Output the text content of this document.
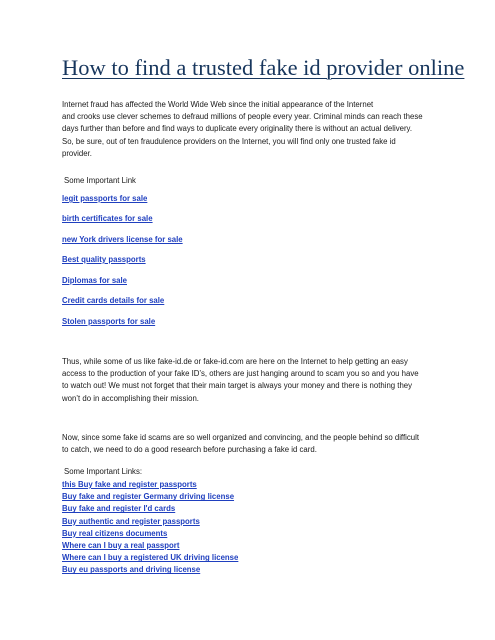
How to find a trusted fake id provider online

Internet fraud has affected the World Wide Web since the initial appearance of the Internet
and crooks use clever schemes to defraud millions of people every year. Criminal minds can reach these
days further than before and find ways to duplicate every originality there is without an actual delivery.
So, be sure, out of ten fraudulence providers on the Internet, you will find only one trusted fake id
provider.

Some Important Link

legit passports for sale
birth certificates for sale
new York drivers license for sale
Best quality passports
Diplomas for sale
Credit cards details for sale
Stolen passports for sale

Thus, while some of us like fake-id.de or fake-id.com are here on the Internet to help getting an easy
access to the production of your fake ID’s, others are just hanging around to scam you so and you have
to watch out! We must not forget that their main target is always your money and there is nothing they
won’t do in accomplishing their mission.

Now, since some fake id scams are so well organized and convincing, and the people behind so difficult
to catch, we need to do a good research before purchasing a fake id card.

Some Important Links:

this Buy fake and register passports
Buy fake and register Germany driving license
Buy fake and register I'd cards
Buy authentic and register passports
Buy real citizens documents
Where can I buy a real passport
Where can I buy a registered UK driving license
Buy eu passports and driving license
